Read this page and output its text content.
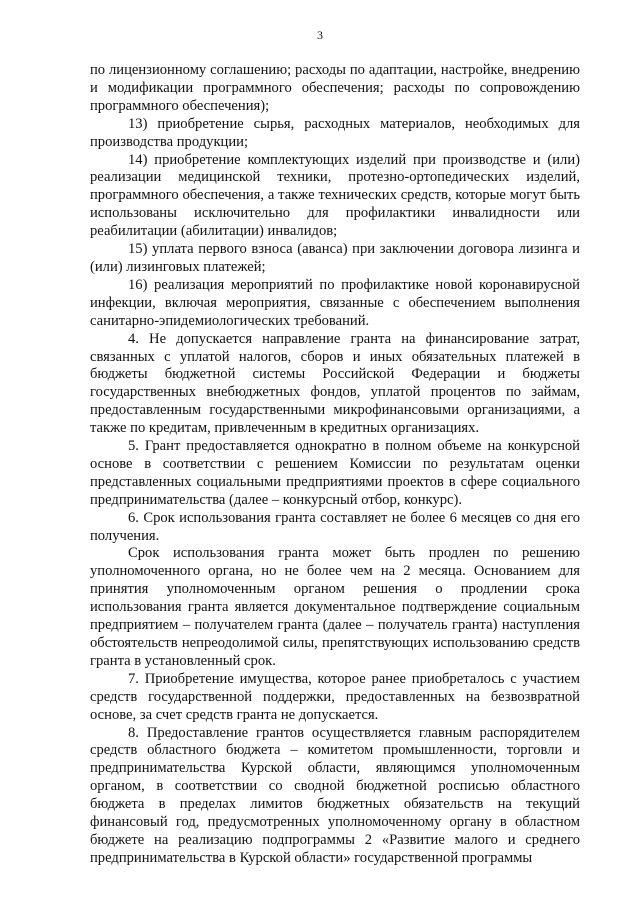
3

по лицензионному соглашению; расходы по адаптации, настройке, внедрению и модификации программного обеспечения; расходы по сопровождению программного обеспечения);

13) приобретение сырья, расходных материалов, необходимых для производства продукции;

14) приобретение комплектующих изделий при производстве и (или) реализации медицинской техники, протезно-ортопедических изделий, программного обеспечения, а также технических средств, которые могут быть использованы исключительно для профилактики инвалидности или реабилитации (абилитации) инвалидов;

15) уплата первого взноса (аванса) при заключении договора лизинга и (или) лизинговых платежей;

16) реализация мероприятий по профилактике новой коронавирусной инфекции, включая мероприятия, связанные с обеспечением выполнения санитарно-эпидемиологических требований.

4. Не допускается направление гранта на финансирование затрат, связанных с уплатой налогов, сборов и иных обязательных платежей в бюджеты бюджетной системы Российской Федерации и бюджеты государственных внебюджетных фондов, уплатой процентов по займам, предоставленным государственными микрофинансовыми организациями, а также по кредитам, привлеченным в кредитных организациях.

5. Грант предоставляется однократно в полном объеме на конкурсной основе в соответствии с решением Комиссии по результатам оценки представленных социальными предприятиями проектов в сфере социального предпринимательства (далее – конкурсный отбор, конкурс).

6. Срок использования гранта составляет не более 6 месяцев со дня его получения.

Срок использования гранта может быть продлен по решению уполномоченного органа, но не более чем на 2 месяца. Основанием для принятия уполномоченным органом решения о продлении срока использования гранта является документальное подтверждение социальным предприятием – получателем гранта (далее – получатель гранта) наступления обстоятельств непреодолимой силы, препятствующих использованию средств гранта в установленный срок.

7. Приобретение имущества, которое ранее приобреталось с участием средств государственной поддержки, предоставленных на безвозвратной основе, за счет средств гранта не допускается.

8. Предоставление грантов осуществляется главным распорядителем средств областного бюджета – комитетом промышленности, торговли и предпринимательства Курской области, являющимся уполномоченным органом, в соответствии со сводной бюджетной росписью областного бюджета в пределах лимитов бюджетных обязательств на текущий финансовый год, предусмотренных уполномоченному органу в областном бюджете на реализацию подпрограммы 2 «Развитие малого и среднего предпринимательства в Курской области» государственной программы
